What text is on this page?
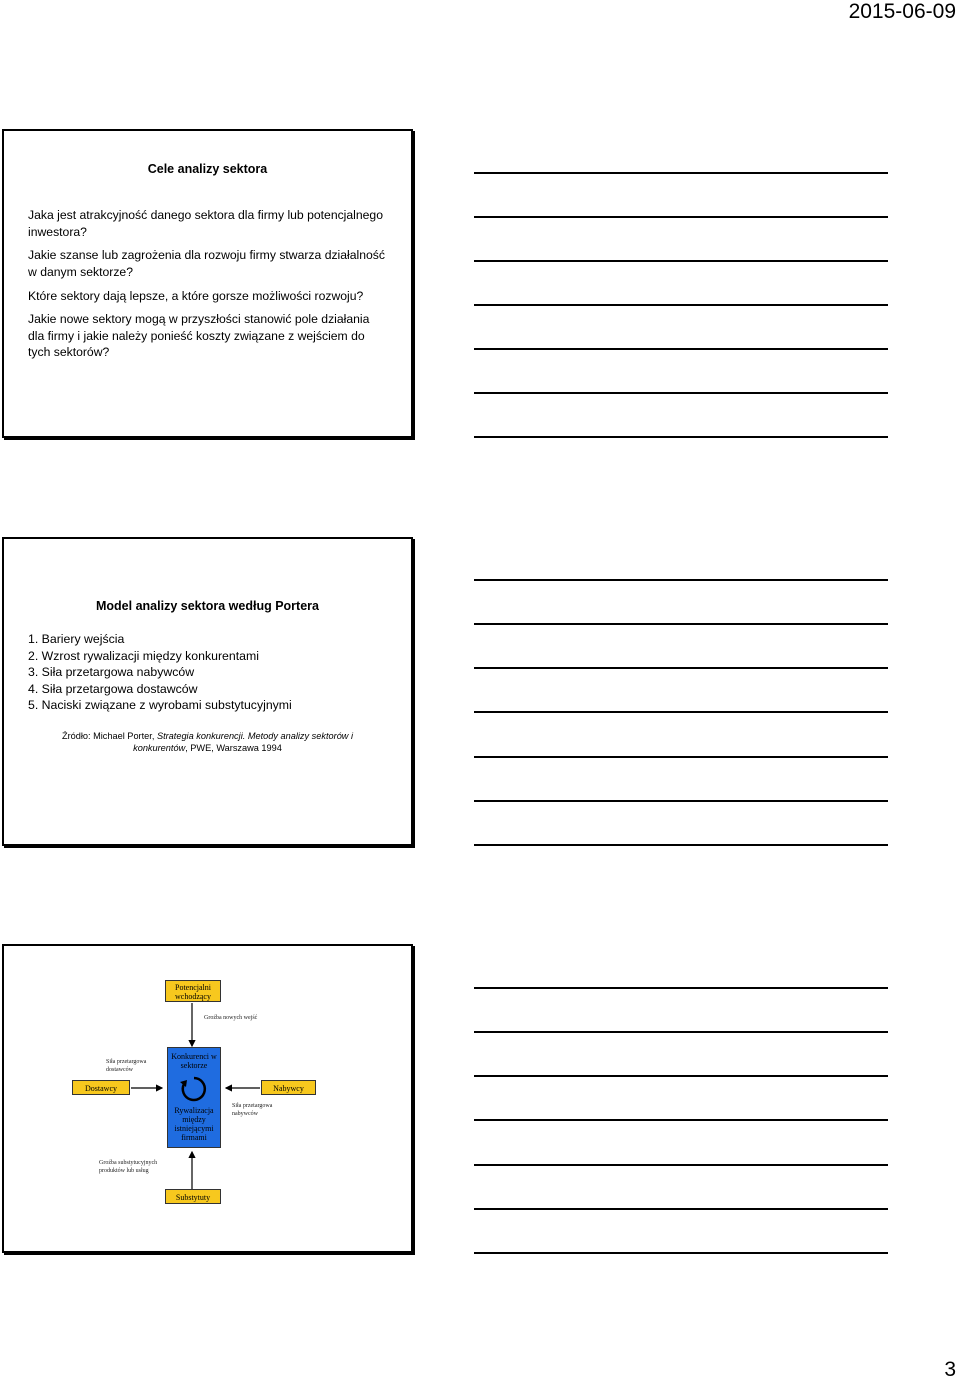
2015-06-09
Cele analizy sektora
Jaka jest atrakcyjność danego sektora dla firmy lub potencjalnego inwestora?
Jakie szanse lub zagrożenia dla rozwoju firmy stwarza działalność w danym sektorze?
Które sektory dają lepsze, a które gorsze możliwości rozwoju?
Jakie nowe sektory mogą w przyszłości stanowić pole działania dla firmy i jakie należy ponieść koszty związane z wejściem do tych sektorów?
Model analizy sektora według Portera
1. Bariery wejścia
2. Wzrost rywalizacji między konkurentami
3. Siła przetargowa nabywców
4. Siła przetargowa dostawców
5. Naciski związane z wyrobami substytucyjnymi
Źródło: Michael Porter, Strategia konkurencji. Metody analizy sektorów i konkurentów, PWE, Warszawa 1994
Potencjalni wchodzący
Groźba nowych wejść
Siła przetargowa dostawców
Dostawcy
Konkurenci w sektorze
Rywalizacja między istniejącymi firmami
Nabywcy
Siła przetargowa nabywców
Groźba substytucyjnych produktów lub usług
Substytuty
3
